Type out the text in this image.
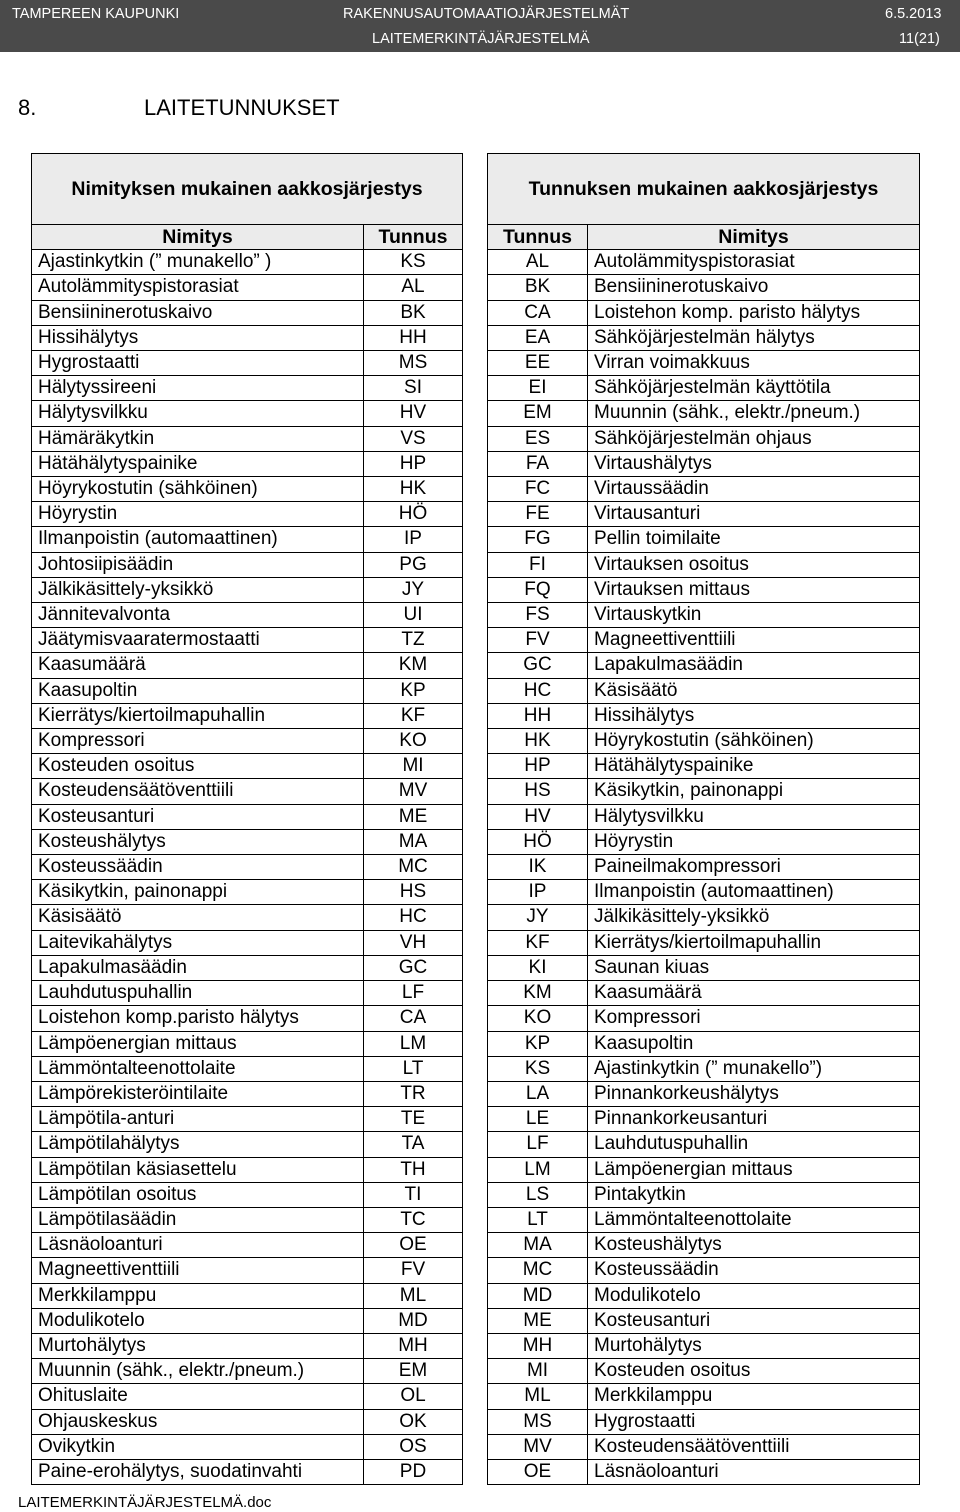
TAMPEREEN KAUPUNKI	RAKENNUSAUTOMAATIOJÄRJESTELMÄT	6.5.2013
LAITEMERKINTÄJÄRJESTELMÄ	11(21)
8.	LAITETUNNUKSET
Nimityksen mukainen aakkosjärjestys	
Nimitys	Tunnus
Ajastinkytkin (” munakello” )	KS
Autolämmityspistorasiat	AL
Bensiininerotuskaivo	BK
Hissihälytys	HH
Hygrostaatti	MS
Hälytyssireeni	SI
Hälytysvilkku	HV
Hämäräkytkin	VS
Hätähälytyspainike	HP
Höyrykostutin (sähköinen)	HK
Höyrystin	HÖ
Ilmanpoistin (automaattinen)	IP
Johtosiipisäädin	PG
Jälkikäsittely-yksikkö	JY
Jännitevalvonta	UI
Jäätymisvaaratermostaatti	TZ
Kaasumäärä	KM
Kaasupoltin	KP
Kierrätys/kiertoilmapuhallin	KF
Kompressori	KO
Kosteuden osoitus	MI
Kosteudensäätöventtiili	MV
Kosteusanturi	ME
Kosteushälytys	MA
Kosteussäädin	MC
Käsikytkin, painonappi	HS
Käsisäätö	HC
Laitevikahälytys	VH
Lapakulmasäädin	GC
Lauhdutuspuhallin	LF
Loistehon komp.paristo hälytys	CA
Lämpöenergian mittaus	LM
Lämmöntalteenottolaite	LT
Lämpörekisteröintilaite	TR
Lämpötila-anturi	TE
Lämpötilahälytys	TA
Lämpötilan käsiasettelu	TH
Lämpötilan osoitus	TI
Lämpötilasäädin	TC
Läsnäoloanturi	OE
Magneettiventtiili	FV
Merkkilamppu	ML
Modulikotelo	MD
Murtohälytys	MH
Muunnin (sähk., elektr./pneum.)	EM
Ohituslaite	OL
Ohjauskeskus	OK
Ovikytkin	OS
Paine-erohälytys, suodatinvahti	PD
Tunnuksen mukainen aakkosjärjestys	
Tunnus	Nimitys
AL	Autolämmityspistorasiat
BK	Bensiininerotuskaivo
CA	Loistehon komp. paristo hälytys
EA	Sähköjärjestelmän hälytys
EE	Virran voimakkuus
EI	Sähköjärjestelmän käyttötila
EM	Muunnin (sähk., elektr./pneum.)
ES	Sähköjärjestelmän ohjaus
FA	Virtaushälytys
FC	Virtaussäädin
FE	Virtausanturi
FG	Pellin toimilaite
FI	Virtauksen osoitus
FQ	Virtauksen mittaus
FS	Virtauskytkin
FV	Magneettiventtiili
GC	Lapakulmasäädin
HC	Käsisäätö
HH	Hissihälytys
HK	Höyrykostutin (sähköinen)
HP	Hätähälytyspainike
HS	Käsikytkin, painonappi
HV	Hälytysvilkku
HÖ	Höyrystin
IK	Paineilmakompressori
IP	Ilmanpoistin (automaattinen)
JY	Jälkikäsittely-yksikkö
KF	Kierrätys/kiertoilmapuhallin
KI	Saunan kiuas
KM	Kaasumäärä
KO	Kompressori
KP	Kaasupoltin
KS	Ajastinkytkin (” munakello”)
LA	Pinnankorkeushälytys
LE	Pinnankorkeusanturi
LF	Lauhdutuspuhallin
LM	Lämpöenergian mittaus
LS	Pintakytkin
LT	Lämmöntalteenottolaite
MA	Kosteushälytys
MC	Kosteussäädin
MD	Modulikotelo
ME	Kosteusanturi
MH	Murtohälytys
MI	Kosteuden osoitus
ML	Merkkilamppu
MS	Hygrostaatti
MV	Kosteudensäätöventtiili
OE	Läsnäoloanturi
LAITEMERKINTÄJÄRJESTELMÄ.doc
